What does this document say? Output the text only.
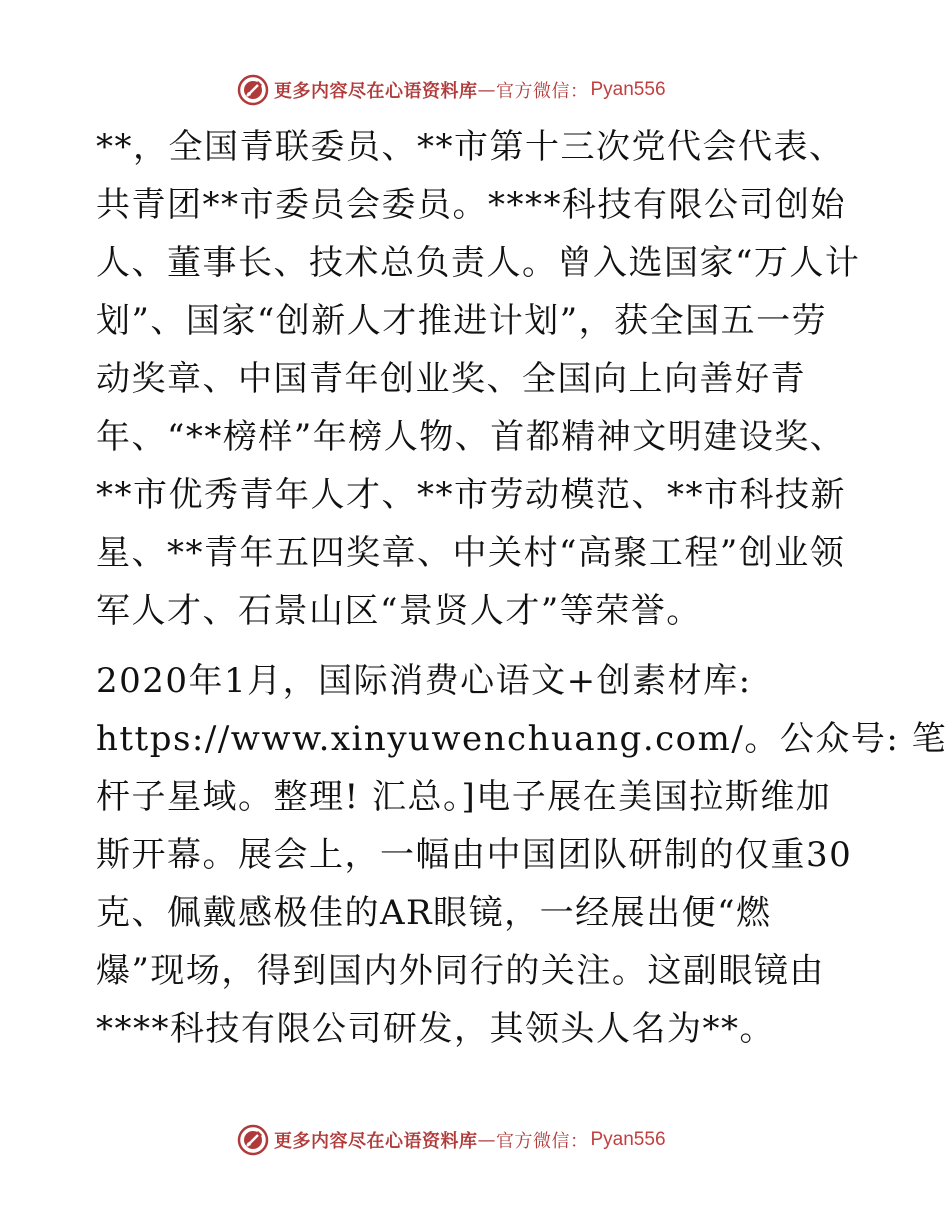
更多内容尽在心语资料库 — 官方微信： Pyan556
**，全国青联委员、**市第十三次党代会代表、
共青团**市委员会委员。****科技有限公司创始
人、董事长、技术总负责人。曾入选国家“万人计
划”、国家“创新人才推进计划”，获全国五一劳
动奖章、中国青年创业奖、全国向上向善好青
年、“**榜样”年榜人物、首都精神文明建设奖、
**市优秀青年人才、**市劳动模范、**市科技新
星、**青年五四奖章、中关村“高聚工程”创业领
军人才、石景山区“景贤人才”等荣誉。
2020年1月，国际消费心语文+创素材库:
https://www.xinyuwenchuang.com/。公众号: 笔
杆子星域。整理! 汇总。]电子展在美国拉斯维加
斯开幕。展会上，一幅由中国团队研制的仅重30
克、佩戴感极佳的AR眼镜，一经展出便“燃
爆”现场，得到国内外同行的关注。这副眼镜由
****科技有限公司研发，其领头人名为**。
更多内容尽在心语资料库 — 官方微信： Pyan556
